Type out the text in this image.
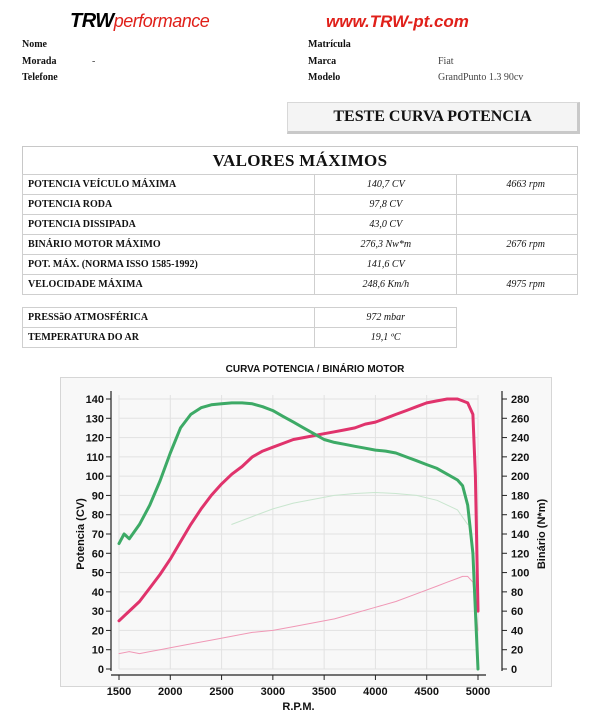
TRWperformance	www.TRW-pt.com
Nome
Morada	-
Telefone
Matrícula
Marca	Fiat
Modelo	GrandPunto 1.3 90cv
TESTE CURVA POTENCIA
VALORES MÁXIMOS
POTENCIA VEÍCULO MÁXIMA	140,7 CV	4663 rpm
POTENCIA RODA	97,8 CV	
POTENCIA DISSIPADA	43,0 CV	
BINÁRIO MOTOR MÁXIMO	276,3 Nw*m	2676 rpm
POT. MÁX. (NORMA ISSO 1585-1992)	141,6 CV	
VELOCIDADE MÁXIMA	248,6 Km/h	4975 rpm
PRESSãO ATMOSFÉRICA	972 mbar
TEMPERATURA DO AR	19,1 ºC
CURVA POTENCIA / BINÁRIO MOTOR
0
10
20
30
40
50
60
70
80
90
100
110
120
130
140
0
20
40
60
80
100
120
140
160
180
200
220
240
260
280
1500 2000 2500 3000 3500 4000 4500 5000
R.P.M.
Potencia (CV)	Binário (N*m)
